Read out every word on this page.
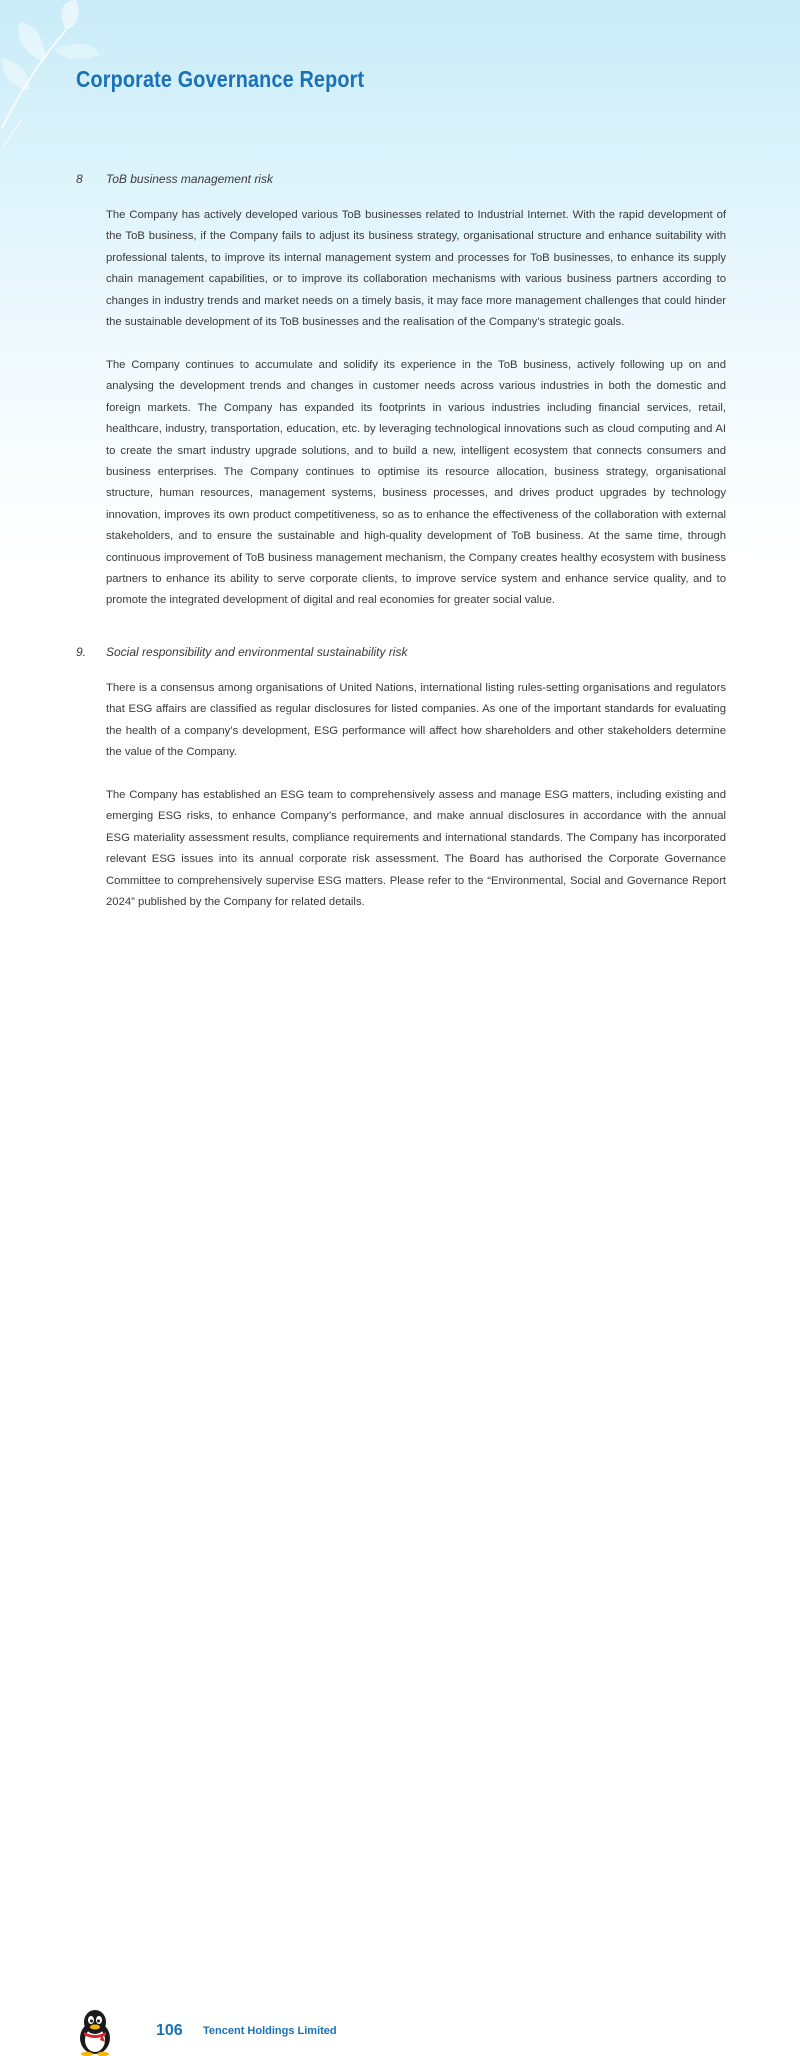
Corporate Governance Report
8 ToB business management risk

The Company has actively developed various ToB businesses related to Industrial Internet. With the rapid development of the ToB business, if the Company fails to adjust its business strategy, organisational structure and enhance suitability with professional talents, to improve its internal management system and processes for ToB businesses, to enhance its supply chain management capabilities, or to improve its collaboration mechanisms with various business partners according to changes in industry trends and market needs on a timely basis, it may face more management challenges that could hinder the sustainable development of its ToB businesses and the realisation of the Company’s strategic goals.

The Company continues to accumulate and solidify its experience in the ToB business, actively following up on and analysing the development trends and changes in customer needs across various industries in both the domestic and foreign markets. The Company has expanded its footprints in various industries including financial services, retail, healthcare, industry, transportation, education, etc. by leveraging technological innovations such as cloud computing and AI to create the smart industry upgrade solutions, and to build a new, intelligent ecosystem that connects consumers and business enterprises. The Company continues to optimise its resource allocation, business strategy, organisational structure, human resources, management systems, business processes, and drives product upgrades by technology innovation, improves its own product competitiveness, so as to enhance the effectiveness of the collaboration with external stakeholders, and to ensure the sustainable and high-quality development of ToB business. At the same time, through continuous improvement of ToB business management mechanism, the Company creates healthy ecosystem with business partners to enhance its ability to serve corporate clients, to improve service system and enhance service quality, and to promote the integrated development of digital and real economies for greater social value.

9. Social responsibility and environmental sustainability risk

There is a consensus among organisations of United Nations, international listing rules-setting organisations and regulators that ESG affairs are classified as regular disclosures for listed companies. As one of the important standards for evaluating the health of a company’s development, ESG performance will affect how shareholders and other stakeholders determine the value of the Company.

The Company has established an ESG team to comprehensively assess and manage ESG matters, including existing and emerging ESG risks, to enhance Company’s performance, and make annual disclosures in accordance with the annual ESG materiality assessment results, compliance requirements and international standards. The Company has incorporated relevant ESG issues into its annual corporate risk assessment. The Board has authorised the Corporate Governance Committee to comprehensively supervise ESG matters. Please refer to the “Environmental, Social and Governance Report 2024” published by the Company for related details.

106 Tencent Holdings Limited
